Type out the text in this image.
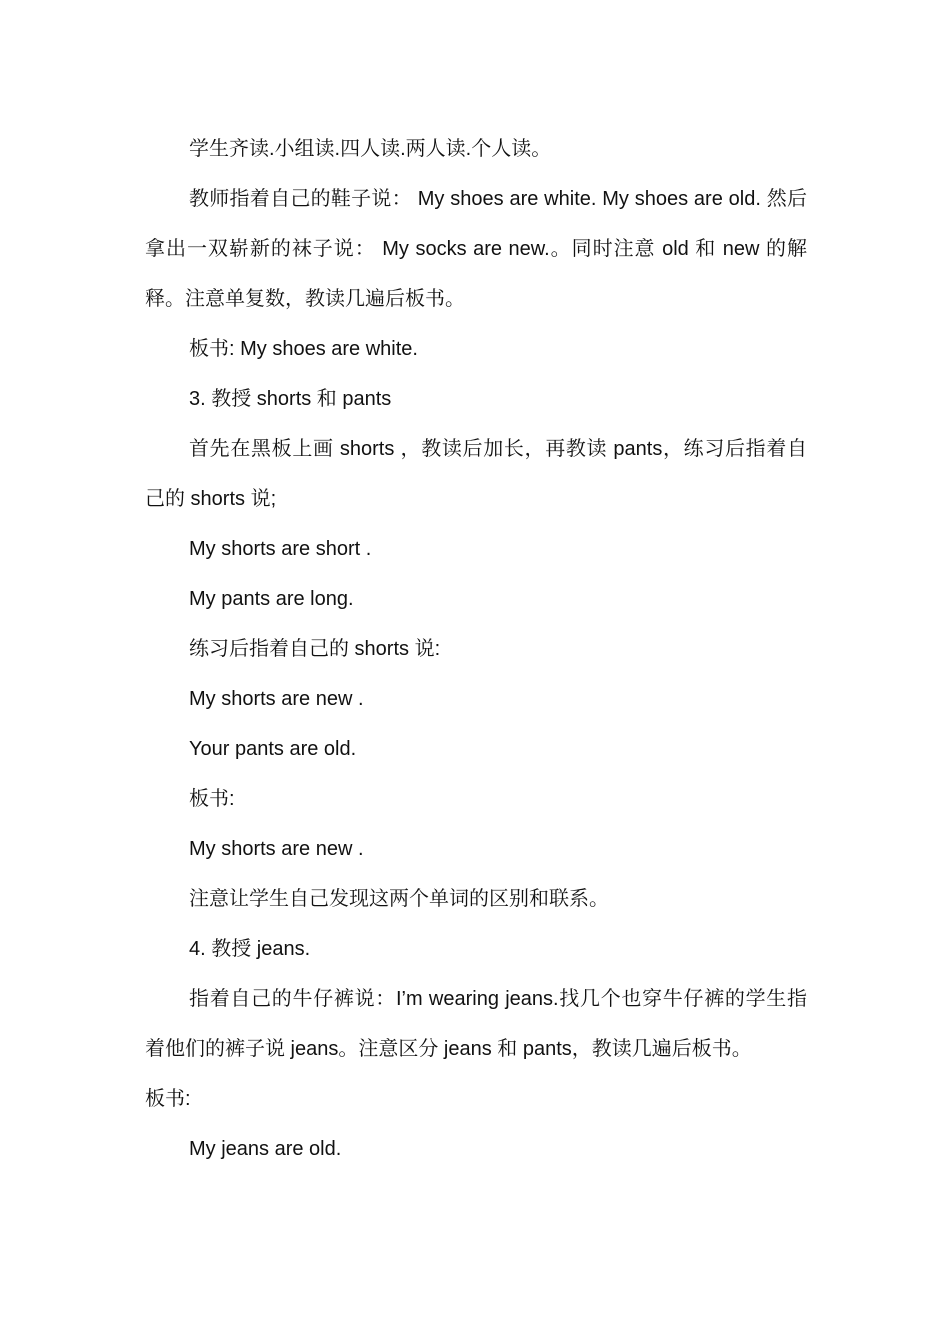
学生齐读.小组读.四人读.两人读.个人读。

教师指着自己的鞋子说： My shoes are white. My shoes are old. 然后拿出一双崭新的袜子说： My socks are new.。同时注意 old 和 new 的解释。注意单复数，教读几遍后板书。

板书: My shoes are white.

3. 教授 shorts 和 pants

首先在黑板上画 shorts ，教读后加长，再教读 pants，练习后指着自己的 shorts 说;

My shorts are short .

My pants are long.

练习后指着自己的 shorts 说:

My shorts are new .

Your pants are old.

板书:

My shorts are new .

注意让学生自己发现这两个单词的区别和联系。

4. 教授 jeans.

指着自己的牛仔裤说：I’m wearing jeans.找几个也穿牛仔裤的学生指着他们的裤子说 jeans。注意区分 jeans 和 pants，教读几遍后板书。

板书:

My jeans are old.
